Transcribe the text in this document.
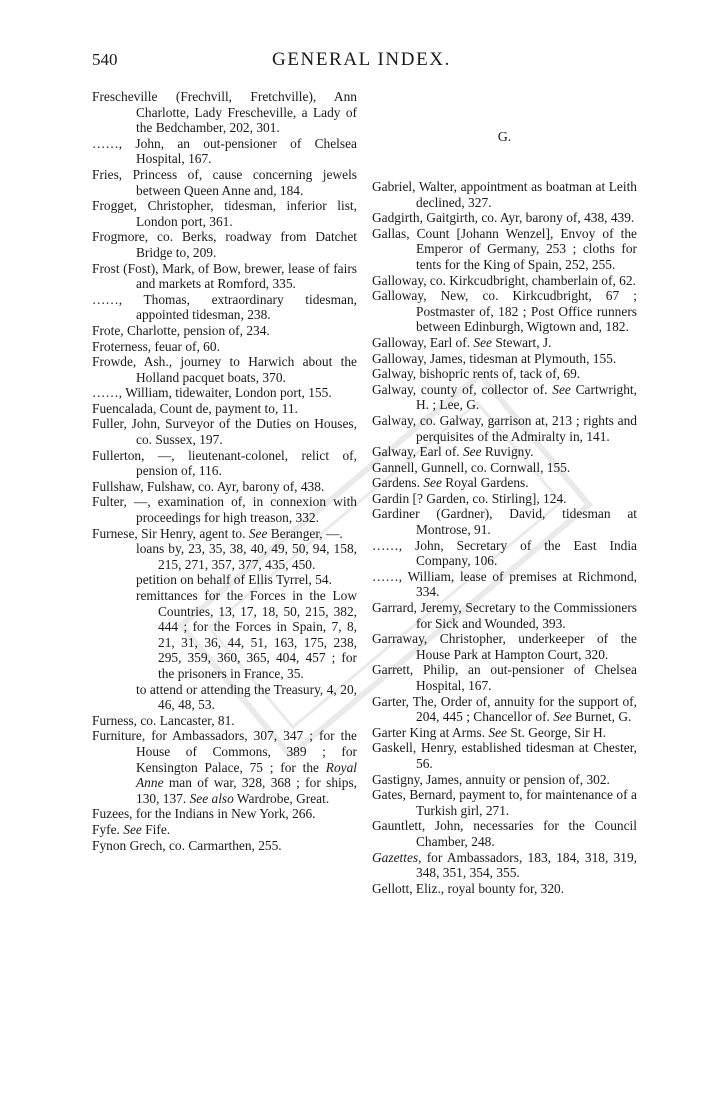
540	GENERAL INDEX.
Frescheville (Frechvill, Fretchville), Ann Charlotte, Lady Frescheville, a Lady of the Bedchamber, 202, 301.
……, John, an out-pensioner of Chelsea Hospital, 167.
Fries, Princess of, cause concerning jewels between Queen Anne and, 184.
Frogget, Christopher, tidesman, inferior list, London port, 361.
Frogmore, co. Berks, roadway from Datchet Bridge to, 209.
Frost (Fost), Mark, of Bow, brewer, lease of fairs and markets at Romford, 335.
……, Thomas, extraordinary tidesman, appointed tidesman, 238.
Frote, Charlotte, pension of, 234.
Froterness, feuar of, 60.
Frowde, Ash., journey to Harwich about the Holland pacquet boats, 370.
……, William, tidewaiter, London port, 155.
Fuencalada, Count de, payment to, 11.
Fuller, John, Surveyor of the Duties on Houses, co. Sussex, 197.
Fullerton, —, lieutenant-colonel, relict of, pension of, 116.
Fullshaw, Fulshaw, co. Ayr, barony of, 438.
Fulter, —, examination of, in connexion with proceedings for high treason, 332.
Furnese, Sir Henry, agent to. See Beranger, —.
loans by, 23, 35, 38, 40, 49, 50, 94, 158, 215, 271, 357, 377, 435, 450.
petition on behalf of Ellis Tyrrel, 54.
remittances for the Forces in the Low Countries, 13, 17, 18, 50, 215, 382, 444 ; for the Forces in Spain, 7, 8, 21, 31, 36, 44, 51, 163, 175, 238, 295, 359, 360, 365, 404, 457 ; for the prisoners in France, 35.
to attend or attending the Treasury, 4, 20, 46, 48, 53.
Furness, co. Lancaster, 81.
Furniture, for Ambassadors, 307, 347 ; for the House of Commons, 389 ; for Kensington Palace, 75 ; for the Royal Anne man of war, 328, 368 ; for ships, 130, 137. See also Wardrobe, Great.
Fuzees, for the Indians in New York, 266.
Fyfe. See Fife.
Fynon Grech, co. Carmarthen, 255.
G.
Gabriel, Walter, appointment as boatman at Leith declined, 327.
Gadgirth, Gaitgirth, co. Ayr, barony of, 438, 439.
Gallas, Count [Johann Wenzel], Envoy of the Emperor of Germany, 253 ; cloths for tents for the King of Spain, 252, 255.
Galloway, co. Kirkcudbright, chamberlain of, 62.
Galloway, New, co. Kirkcudbright, 67 ; Postmaster of, 182 ; Post Office runners between Edinburgh, Wigtown and, 182.
Galloway, Earl of. See Stewart, J.
Galloway, James, tidesman at Plymouth, 155.
Galway, bishopric rents of, tack of, 69.
Galway, county of, collector of. See Cartwright, H. ; Lee, G.
Galway, co. Galway, garrison at, 213 ; rights and perquisites of the Admiralty in, 141.
Galway, Earl of. See Ruvigny.
Gannell, Gunnell, co. Cornwall, 155.
Gardens. See Royal Gardens.
Gardin [? Garden, co. Stirling], 124.
Gardiner (Gardner), David, tidesman at Montrose, 91.
……, John, Secretary of the East India Company, 106.
……, William, lease of premises at Richmond, 334.
Garrard, Jeremy, Secretary to the Commissioners for Sick and Wounded, 393.
Garraway, Christopher, underkeeper of the House Park at Hampton Court, 320.
Garrett, Philip, an out-pensioner of Chelsea Hospital, 167.
Garter, The, Order of, annuity for the support of, 204, 445 ; Chancellor of. See Burnet, G.
Garter King at Arms. See St. George, Sir H.
Gaskell, Henry, established tidesman at Chester, 56.
Gastigny, James, annuity or pension of, 302.
Gates, Bernard, payment to, for maintenance of a Turkish girl, 271.
Gauntlett, John, necessaries for the Council Chamber, 248.
Gazettes, for Ambassadors, 183, 184, 318, 319, 348, 351, 354, 355.
Gellott, Eliz., royal bounty for, 320.
